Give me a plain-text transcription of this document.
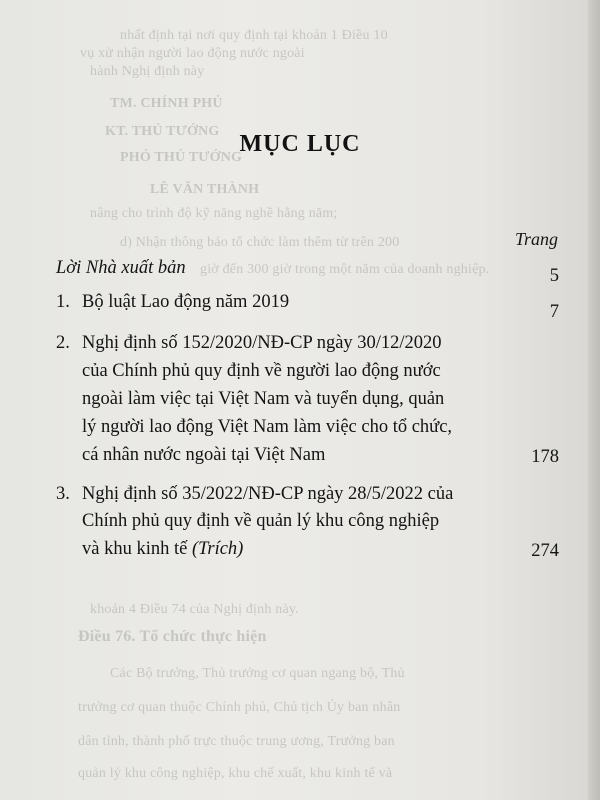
nhất định tại nơi quy định tại khoản 1 Điều 10
vụ xử nhận người lao động nước ngoài
hành Nghị định này
TM. CHÍNH PHỦ
KT. THỦ TƯỚNG
PHÓ THỦ TƯỚNG
LÊ VĂN THÀNH
nâng cho trình độ kỹ năng nghề hằng năm;
d) Nhận thông báo tổ chức làm thêm từ trên 200
giờ đến 300 giờ trong một năm của doanh nghiệp.
khoản 4 Điều 74 của Nghị định này.
Điều 76. Tổ chức thực hiện
Các Bộ trưởng, Thủ trưởng cơ quan ngang bộ, Thủ
trưởng cơ quan thuộc Chính phủ, Chủ tịch Ủy ban nhân
dân tỉnh, thành phố trực thuộc trung ương, Trưởng ban
quản lý khu công nghiệp, khu chế xuất, khu kinh tế và
MỤC LỤC
Trang
Lời Nhà xuất bản	5
1. Bộ luật Lao động năm 2019	7
2. Nghị định số 152/2020/NĐ-CP ngày 30/12/2020
của Chính phủ quy định về người lao động nước
ngoài làm việc tại Việt Nam và tuyển dụng, quản
lý người lao động Việt Nam làm việc cho tổ chức,
cá nhân nước ngoài tại Việt Nam	178
3. Nghị định số 35/2022/NĐ-CP ngày 28/5/2022 của
Chính phủ quy định về quản lý khu công nghiệp
và khu kinh tế (Trích)	274
